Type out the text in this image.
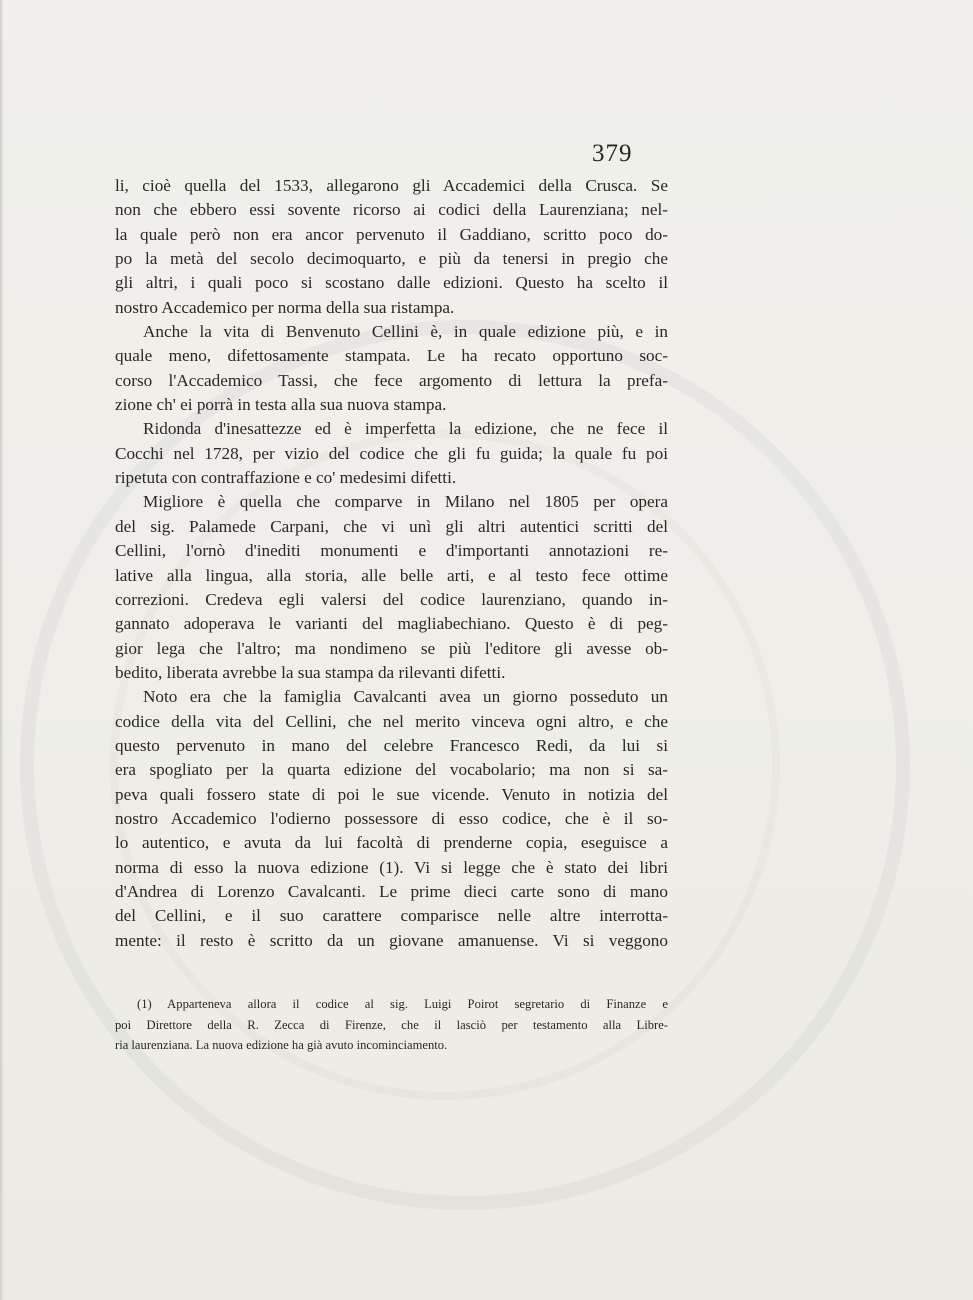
379
li, cioè quella del 1533, allegarono gli Accademici della Crusca. Se
non che ebbero essi sovente ricorso ai codici della Laurenziana; nel-
la quale però non era ancor pervenuto il Gaddiano, scritto poco do-
po la metà del secolo decimoquarto, e più da tenersi in pregio che
gli altri, i quali poco si scostano dalle edizioni. Questo ha scelto il
nostro Accademico per norma della sua ristampa.
Anche la vita di Benvenuto Cellini è, in quale edizione più, e in
quale meno, difettosamente stampata. Le ha recato opportuno soc-
corso l'Accademico Tassi, che fece argomento di lettura la prefa-
zione ch' ei porrà in testa alla sua nuova stampa.
Ridonda d'inesattezze ed è imperfetta la edizione, che ne fece il
Cocchi nel 1728, per vizio del codice che gli fu guida; la quale fu poi
ripetuta con contraffazione e co' medesimi difetti.
Migliore è quella che comparve in Milano nel 1805 per opera
del sig. Palamede Carpani, che vi unì gli altri autentici scritti del
Cellini, l'ornò d'inediti monumenti e d'importanti annotazioni re-
lative alla lingua, alla storia, alle belle arti, e al testo fece ottime
correzioni. Credeva egli valersi del codice laurenziano, quando in-
gannato adoperava le varianti del magliabechiano. Questo è di peg-
gior lega che l'altro; ma nondimeno se più l'editore gli avesse ob-
bedito, liberata avrebbe la sua stampa da rilevanti difetti.
Noto era che la famiglia Cavalcanti avea un giorno posseduto un
codice della vita del Cellini, che nel merito vinceva ogni altro, e che
questo pervenuto in mano del celebre Francesco Redi, da lui si
era spogliato per la quarta edizione del vocabolario; ma non si sa-
peva quali fossero state di poi le sue vicende. Venuto in notizia del
nostro Accademico l'odierno possessore di esso codice, che è il so-
lo autentico, e avuta da lui facoltà di prenderne copia, eseguisce a
norma di esso la nuova edizione (1). Vi si legge che è stato dei libri
d'Andrea di Lorenzo Cavalcanti. Le prime dieci carte sono di mano
del Cellini, e il suo carattere comparisce nelle altre interrotta-
mente: il resto è scritto da un giovane amanuense. Vi si veggono
(1) Apparteneva allora il codice al sig. Luigi Poirot segretario di Finanze e
poi Direttore della R. Zecca di Firenze, che il lasciò per testamento alla Libre-
ria laurenziana. La nuova edizione ha già avuto incominciamento.
